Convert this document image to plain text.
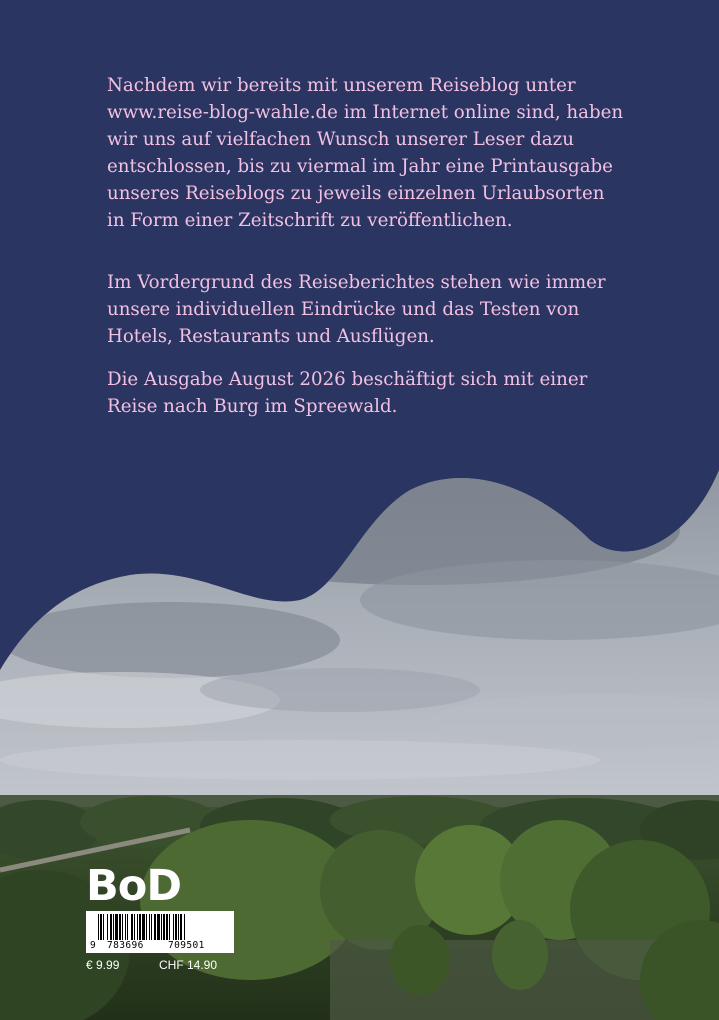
Nachdem wir bereits mit unserem Reiseblog unter www.reise-blog-wahle.de im Internet online sind, haben wir uns auf vielfachen Wunsch unserer Leser dazu entschlossen, bis zu viermal im Jahr eine Printausgabe unseres Reiseblogs zu jeweils einzelnen Urlaubsorten in Form einer Zeitschrift zu veröffentlichen.

Im Vordergrund des Reiseberichtes stehen wie immer unsere individuellen Eindrücke und das Testen von Hotels, Restaurants und Ausflügen.

Die Ausgabe August 2026 beschäftigt sich mit einer Reise nach Burg im Spreewald.

BoD
9 783696	709501
€ 9.99	CHF 14.90
